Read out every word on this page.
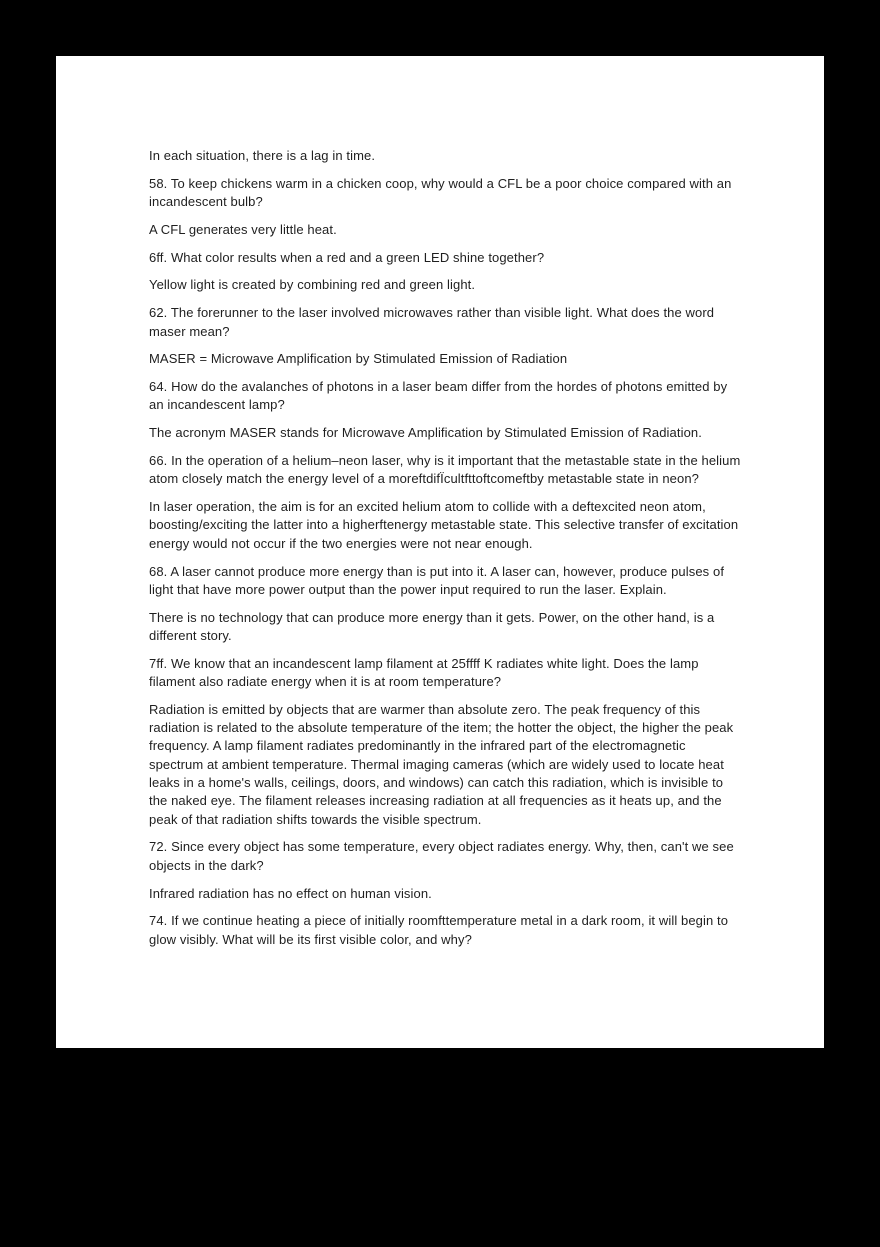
In each situation, there is a lag in time.

58. To keep chickens warm in a chicken coop, why would a CFL be a poor choice compared with an incandescent bulb?

A CFL generates very little heat.

6ff. What color results when a red and a green LED shine together?

Yellow light is created by combining red and green light.

62. The forerunner to the laser involved microwaves rather than visible light. What does the word maser mean?

MASER = Microwave Amplification by Stimulated Emission of Radiation

64. How do the avalanches of photons in a laser beam differ from the hordes of photons emitted by an incandescent lamp?

The acronym MASER stands for Microwave Amplification by Stimulated Emission of Radiation.

66. In the operation of a helium–neon laser, why is it important that the metastable state in the helium atom closely match the energy level of a moreftdifÏcultfttoftcomeftby metastable state in neon?

In laser operation, the aim is for an excited helium atom to collide with a deftexcited neon atom, boosting/exciting the latter into a higherftenergy metastable state. This selective transfer of excitation energy would not occur if the two energies were not near enough.

68. A laser cannot produce more energy than is put into it. A laser can, however, produce pulses of light that have more power output than the power input required to run the laser. Explain.

There is no technology that can produce more energy than it gets. Power, on the other hand, is a different story.

7ff. We know that an incandescent lamp filament at 25ffff K radiates white light. Does the lamp filament also radiate energy when it is at room temperature?

Radiation is emitted by objects that are warmer than absolute zero. The peak frequency of this radiation is related to the absolute temperature of the item; the hotter the object, the higher the peak frequency. A lamp filament radiates predominantly in the infrared part of the electromagnetic spectrum at ambient temperature. Thermal imaging cameras (which are widely used to locate heat leaks in a home's walls, ceilings, doors, and windows) can catch this radiation, which is invisible to the naked eye. The filament releases increasing radiation at all frequencies as it heats up, and the peak of that radiation shifts towards the visible spectrum.

72. Since every object has some temperature, every object radiates energy. Why, then, can't we see objects in the dark?

Infrared radiation has no effect on human vision.

74. If we continue heating a piece of initially roomfttemperature metal in a dark room, it will begin to glow visibly. What will be its first visible color, and why?
